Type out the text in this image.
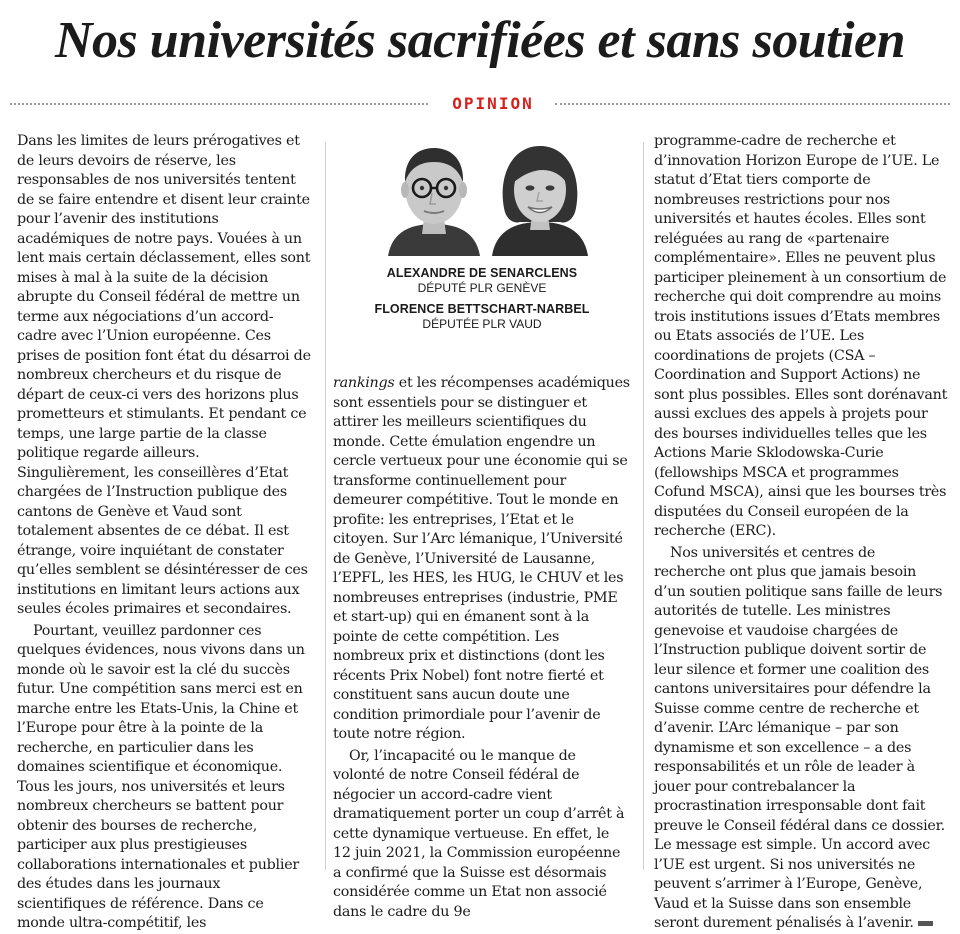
Nos universités sacrifiées et sans soutien
OPINION

Dans les limites de leurs prérogatives et de leurs devoirs de réserve, les responsables de nos universités tentent de se faire entendre et disent leur crainte pour l’avenir des institutions académiques de notre pays. Vouées à un lent mais certain déclassement, elles sont mises à mal à la suite de la décision abrupte du Conseil fédéral de mettre un terme aux négociations d’un accord-cadre avec l’Union européenne. Ces prises de position font état du désarroi de nombreux chercheurs et du risque de départ de ceux-ci vers des horizons plus prometteurs et stimulants. Et pendant ce temps, une large partie de la classe politique regarde ailleurs. Singulièrement, les conseillères d’Etat chargées de l’Instruction publique des cantons de Genève et Vaud sont totalement absentes de ce débat. Il est étrange, voire inquiétant de constater qu’elles semblent se désintéresser de ces institutions en limitant leurs actions aux seules écoles primaires et secondaires.

Pourtant, veuillez pardonner ces quelques évidences, nous vivons dans un monde où le savoir est la clé du succès futur. Une compétition sans merci est en marche entre les Etats-Unis, la Chine et l’Europe pour être à la pointe de la recherche, en particulier dans les domaines scientifique et économique. Tous les jours, nos universités et leurs nombreux chercheurs se battent pour obtenir des bourses de recherche, participer aux plus prestigieuses collaborations internationales et publier des études dans les journaux scientifiques de référence. Dans ce monde ultra-compétitif, les

ALEXANDRE DE SENARCLENS
DÉPUTÉ PLR GENÈVE
FLORENCE BETTSCHART-NARBEL
DÉPUTÉE PLR VAUD

rankings et les récompenses académiques sont essentiels pour se distinguer et attirer les meilleurs scientifiques du monde. Cette émulation engendre un cercle vertueux pour une économie qui se transforme continuellement pour demeurer compétitive. Tout le monde en profite: les entreprises, l’Etat et le citoyen. Sur l’Arc lémanique, l’Université de Genève, l’Université de Lausanne, l’EPFL, les HES, les HUG, le CHUV et les nombreuses entreprises (industrie, PME et start-up) qui en émanent sont à la pointe de cette compétition. Les nombreux prix et distinctions (dont les récents Prix Nobel) font notre fierté et constituent sans aucun doute une condition primordiale pour l’avenir de toute notre région.

Or, l’incapacité ou le manque de volonté de notre Conseil fédéral de négocier un accord-cadre vient dramatiquement porter un coup d’arrêt à cette dynamique vertueuse. En effet, le 12 juin 2021, la Commission européenne a confirmé que la Suisse est désormais considérée comme un Etat non associé dans le cadre du 9e

programme-cadre de recherche et d’innovation Horizon Europe de l’UE. Le statut d’Etat tiers comporte de nombreuses restrictions pour nos universités et hautes écoles. Elles sont reléguées au rang de «partenaire complémentaire». Elles ne peuvent plus participer pleinement à un consortium de recherche qui doit comprendre au moins trois institutions issues d’Etats membres ou Etats associés de l’UE. Les coordinations de projets (CSA – Coordination and Support Actions) ne sont plus possibles. Elles sont dorénavant aussi exclues des appels à projets pour des bourses individuelles telles que les Actions Marie Sklodowska-Curie (fellowships MSCA et programmes Cofund MSCA), ainsi que les bourses très disputées du Conseil européen de la recherche (ERC).

Nos universités et centres de recherche ont plus que jamais besoin d’un soutien politique sans faille de leurs autorités de tutelle. Les ministres genevoise et vaudoise chargées de l’Instruction publique doivent sortir de leur silence et former une coalition des cantons universitaires pour défendre la Suisse comme centre de recherche et d’avenir. L’Arc lémanique – par son dynamisme et son excellence – a des responsabilités et un rôle de leader à jouer pour contrebalancer la procrastination irresponsable dont fait preuve le Conseil fédéral dans ce dossier. Le message est simple. Un accord avec l’UE est urgent. Si nos universités ne peuvent s’arrimer à l’Europe, Genève, Vaud et la Suisse dans son ensemble seront durement pénalisés à l’avenir.
